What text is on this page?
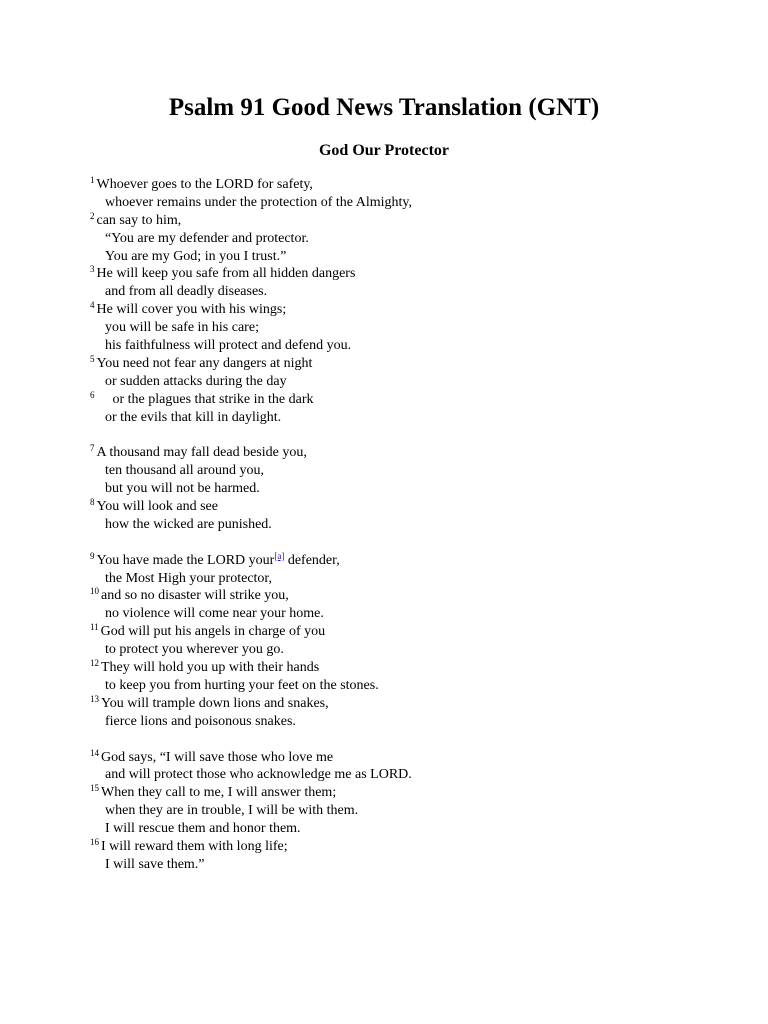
Psalm 91 Good News Translation (GNT)
God Our Protector
$^1$ Whoever goes to the LORD for safety,
whoever remains under the protection of the Almighty,
$^2$ can say to him,
“You are my defender and protector.
You are my God; in you I trust.”
$^3$ He will keep you safe from all hidden dangers
and from all deadly diseases.
$^4$ He will cover you with his wings;
you will be safe in his care;
his faithfulness will protect and defend you.
$^5$ You need not fear any dangers at night
or sudden attacks during the day
$^6$ or the plagues that strike in the dark
or the evils that kill in daylight.
$^7$ A thousand may fall dead beside you,
ten thousand all around you,
but you will not be harmed.
$^8$ You will look and see
how the wicked are punished.
$^9$ You have made the LORD your[a] defender,
the Most High your protector,
$^{10}$ and so no disaster will strike you,
no violence will come near your home.
$^{11}$ God will put his angels in charge of you
to protect you wherever you go.
$^{12}$ They will hold you up with their hands
to keep you from hurting your feet on the stones.
$^{13}$ You will trample down lions and snakes,
fierce lions and poisonous snakes.
$^{14}$ God says, “I will save those who love me
and will protect those who acknowledge me as LORD.
$^{15}$ When they call to me, I will answer them;
when they are in trouble, I will be with them.
I will rescue them and honor them.
$^{16}$ I will reward them with long life;
I will save them.”
